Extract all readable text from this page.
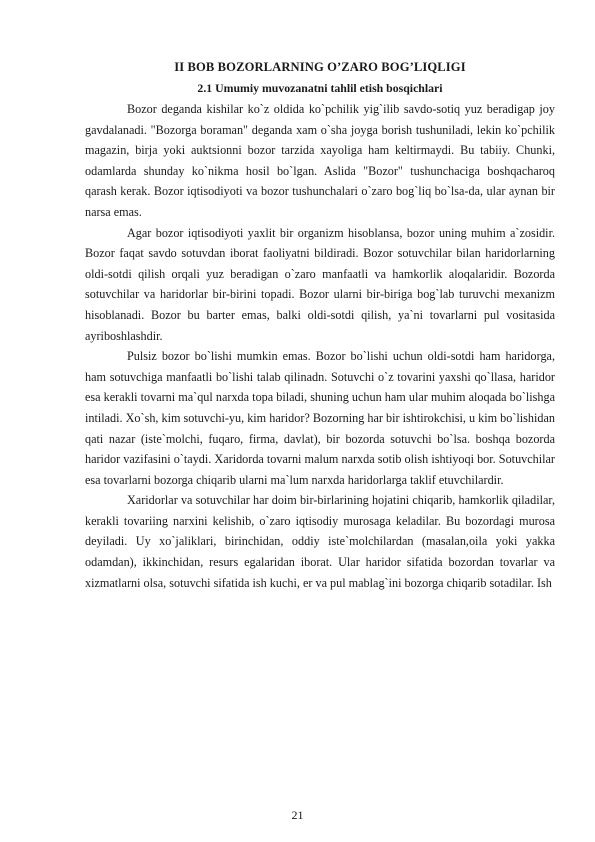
II BOB BOZORLARNING O’ZARO BOG’LIQLIGI
2.1 Umumiy muvozanatni tahlil etish bosqichlari

Bozor deganda kishilar ko`z oldida ko`pchilik yig`ilib savdo-sotiq yuz beradigap joy gavdalanadi. "Bozorga boraman" deganda xam o`sha joyga borish tushuniladi, lekin ko`pchilik magazin, birja yoki auktsionni bozor tarzida xayoliga ham keltirmaydi. Bu tabiiy. Chunki, odamlarda shunday ko`nikma hosil bo`lgan. Aslida "Bozor" tushunchaciga boshqacharoq qarash kerak. Bozor iqtisodiyoti va bozor tushunchalari o`zaro bog`liq bo`lsa-da, ular aynan bir narsa emas.

Agar bozor iqtisodiyoti yaxlit bir organizm hisoblansa, bozor uning muhim a`zosidir. Bozor faqat savdo sotuvdan iborat faoliyatni bildiradi. Bozor sotuvchilar bilan haridorlarning oldi-sotdi qilish orqali yuz beradigan o`zaro manfaatli va hamkorlik aloqalaridir. Bozorda sotuvchilar va haridorlar bir-birini topadi. Bozor ularni bir-biriga bog`lab turuvchi mexanizm hisoblanadi. Bozor bu barter emas, balki oldi-sotdi qilish, ya`ni tovarlarni pul vositasida ayriboshlashdir.

Pulsiz bozor bo`lishi mumkin emas. Bozor bo`lishi uchun oldi-sotdi ham haridorga, ham sotuvchiga manfaatli bo`lishi talab qilinadn. Sotuvchi o`z tovarini yaxshi qo`llasa, haridor esa kerakli tovarni ma`qul narxda topa biladi, shuning uchun ham ular muhim aloqada bo`lishga intiladi. Xo`sh, kim sotuvchi-yu, kim haridor? Bozorning har bir ishtirokchisi, u kim bo`lishidan qati nazar (iste`molchi, fuqaro, firma, davlat), bir bozorda sotuvchi bo`lsa. boshqa bozorda haridor vazifasini o`taydi. Xaridorda tovarni malum narxda sotib olish ishtiyoqi bor. Sotuvchilar esa tovarlarni bozorga chiqarib ularni ma`lum narxda haridorlarga taklif etuvchilardir.

Xaridorlar va sotuvchilar har doim bir-birlarining hojatini chiqarib, hamkorlik qiladilar, kerakli tovariing narxini kelishib, o`zaro iqtisodiy murosaga keladilar. Bu bozordagi murosa deyiladi. Uy xo`jaliklari, birinchidan, oddiy iste`molchilardan (masalan,oila yoki yakka odamdan), ikkinchidan, resurs egalaridan iborat. Ular haridor sifatida bozordan tovarlar va xizmatlarni olsa, sotuvchi sifatida ish kuchi, er va pul mablag`ini bozorga chiqarib sotadilar. Ish

21
